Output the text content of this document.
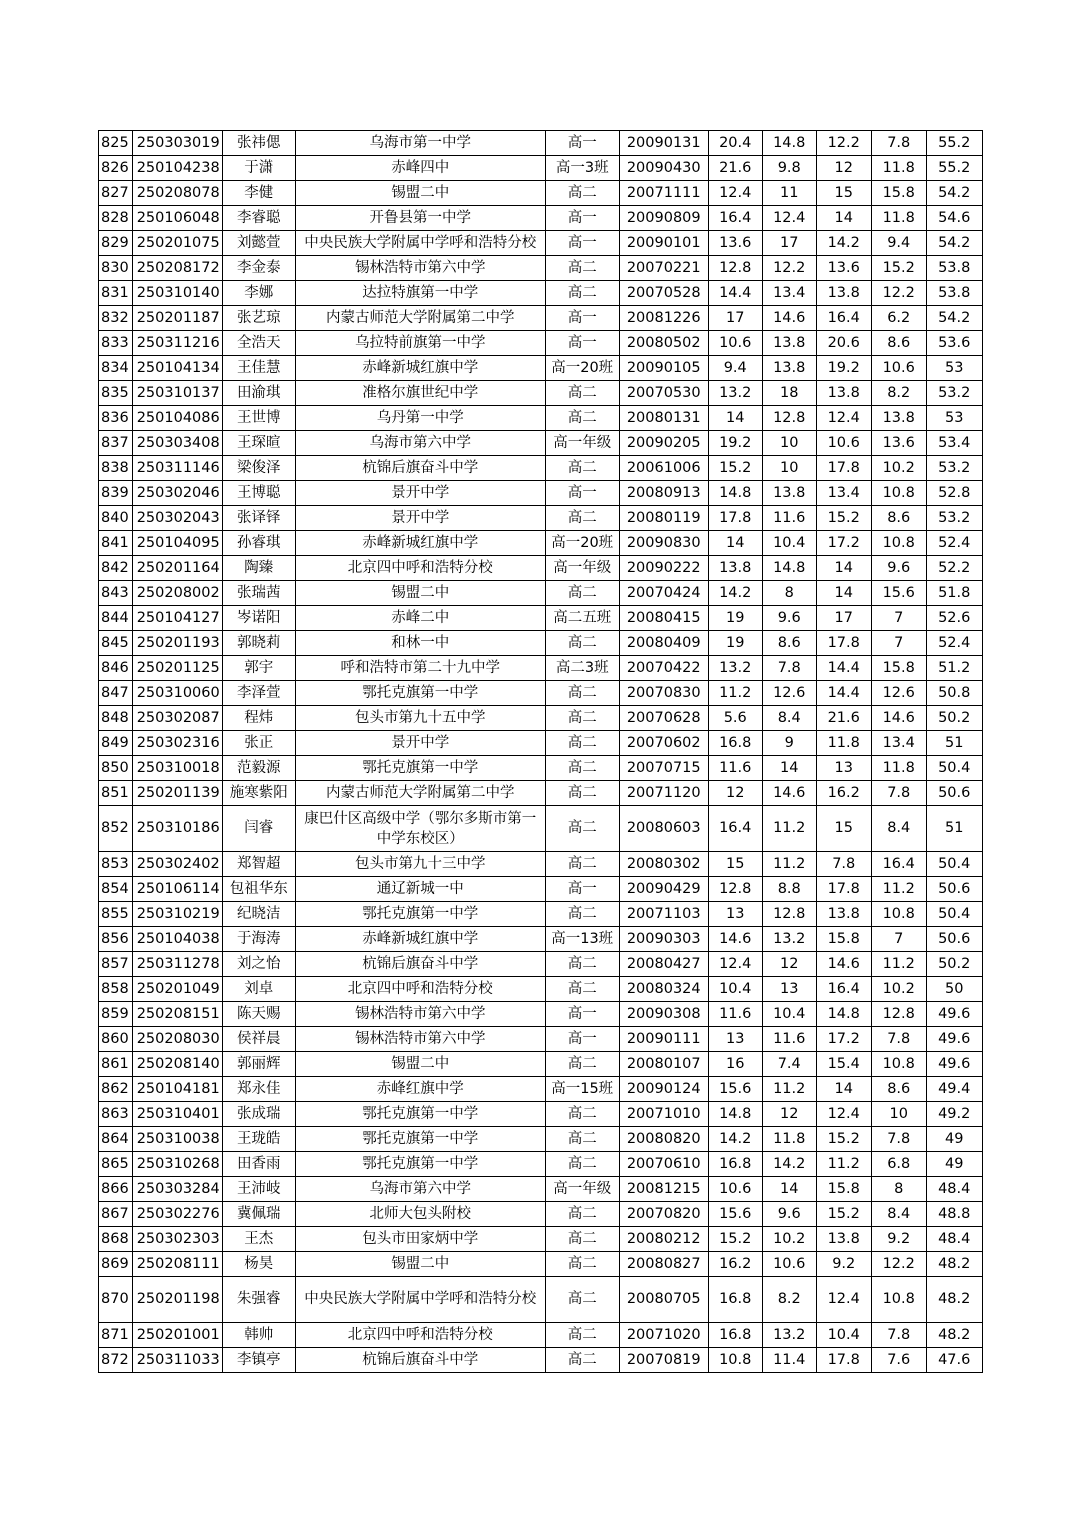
825	250303019	张祎偲	乌海市第一中学	高一	20090131	20.4	14.8	12.2	7.8	55.2
826	250104238	于潇	赤峰四中	高一3班	20090430	21.6	9.8	12	11.8	55.2
827	250208078	李健	锡盟二中	高二	20071111	12.4	11	15	15.8	54.2
828	250106048	李睿聪	开鲁县第一中学	高一	20090809	16.4	12.4	14	11.8	54.6
829	250201075	刘懿萱	中央民族大学附属中学呼和浩特分校	高一	20090101	13.6	17	14.2	9.4	54.2
830	250208172	李金泰	锡林浩特市第六中学	高二	20070221	12.8	12.2	13.6	15.2	53.8
831	250310140	李娜	达拉特旗第一中学	高二	20070528	14.4	13.4	13.8	12.2	53.8
832	250201187	张艺琼	内蒙古师范大学附属第二中学	高一	20081226	17	14.6	16.4	6.2	54.2
833	250311216	全浩天	乌拉特前旗第一中学	高一	20080502	10.6	13.8	20.6	8.6	53.6
834	250104134	王佳慧	赤峰新城红旗中学	高一20班	20090105	9.4	13.8	19.2	10.6	53
835	250310137	田渝琪	准格尔旗世纪中学	高二	20070530	13.2	18	13.8	8.2	53.2
836	250104086	王世博	乌丹第一中学	高二	20080131	14	12.8	12.4	13.8	53
837	250303408	王琛暄	乌海市第六中学	高一年级	20090205	19.2	10	10.6	13.6	53.4
838	250311146	梁俊泽	杭锦后旗奋斗中学	高二	20061006	15.2	10	17.8	10.2	53.2
839	250302046	王博聪	景开中学	高一	20080913	14.8	13.8	13.4	10.8	52.8
840	250302043	张译铎	景开中学	高二	20080119	17.8	11.6	15.2	8.6	53.2
841	250104095	孙睿琪	赤峰新城红旗中学	高一20班	20090830	14	10.4	17.2	10.8	52.4
842	250201164	陶臻	北京四中呼和浩特分校	高一年级	20090222	13.8	14.8	14	9.6	52.2
843	250208002	张瑞茜	锡盟二中	高二	20070424	14.2	8	14	15.6	51.8
844	250104127	岑诺阳	赤峰二中	高二五班	20080415	19	9.6	17	7	52.6
845	250201193	郭晓莉	和林一中	高二	20080409	19	8.6	17.8	7	52.4
846	250201125	郭宇	呼和浩特市第二十九中学	高二3班	20070422	13.2	7.8	14.4	15.8	51.2
847	250310060	李泽萱	鄂托克旗第一中学	高二	20070830	11.2	12.6	14.4	12.6	50.8
848	250302087	程炜	包头市第九十五中学	高二	20070628	5.6	8.4	21.6	14.6	50.2
849	250302316	张正	景开中学	高二	20070602	16.8	9	11.8	13.4	51
850	250310018	范毅源	鄂托克旗第一中学	高二	20070715	11.6	14	13	11.8	50.4
851	250201139	施寒紫阳	内蒙古师范大学附属第二中学	高二	20071120	12	14.6	16.2	7.8	50.6
852	250310186	闫睿	康巴什区高级中学（鄂尔多斯市第一中学东校区）	高二	20080603	16.4	11.2	15	8.4	51
853	250302402	郑智超	包头市第九十三中学	高二	20080302	15	11.2	7.8	16.4	50.4
854	250106114	包祖华东	通辽新城一中	高一	20090429	12.8	8.8	17.8	11.2	50.6
855	250310219	纪晓洁	鄂托克旗第一中学	高二	20071103	13	12.8	13.8	10.8	50.4
856	250104038	于海涛	赤峰新城红旗中学	高一13班	20090303	14.6	13.2	15.8	7	50.6
857	250311278	刘之怡	杭锦后旗奋斗中学	高二	20080427	12.4	12	14.6	11.2	50.2
858	250201049	刘卓	北京四中呼和浩特分校	高二	20080324	10.4	13	16.4	10.2	50
859	250208151	陈天赐	锡林浩特市第六中学	高一	20090308	11.6	10.4	14.8	12.8	49.6
860	250208030	侯祥晨	锡林浩特市第六中学	高一	20090111	13	11.6	17.2	7.8	49.6
861	250208140	郭丽辉	锡盟二中	高二	20080107	16	7.4	15.4	10.8	49.6
862	250104181	郑永佳	赤峰红旗中学	高一15班	20090124	15.6	11.2	14	8.6	49.4
863	250310401	张成瑞	鄂托克旗第一中学	高二	20071010	14.8	12	12.4	10	49.2
864	250310038	王珑皓	鄂托克旗第一中学	高二	20080820	14.2	11.8	15.2	7.8	49
865	250310268	田香雨	鄂托克旗第一中学	高二	20070610	16.8	14.2	11.2	6.8	49
866	250303284	王沛岐	乌海市第六中学	高一年级	20081215	10.6	14	15.8	8	48.4
867	250302276	冀佩瑞	北师大包头附校	高二	20070820	15.6	9.6	15.2	8.4	48.8
868	250302303	王杰	包头市田家炳中学	高二	20080212	15.2	10.2	13.8	9.2	48.4
869	250208111	杨昊	锡盟二中	高二	20080827	16.2	10.6	9.2	12.2	48.2
870	250201198	朱强睿	中央民族大学附属中学呼和浩特分校	高二	20080705	16.8	8.2	12.4	10.8	48.2
871	250201001	韩帅	北京四中呼和浩特分校	高二	20071020	16.8	13.2	10.4	7.8	48.2
872	250311033	李镇亭	杭锦后旗奋斗中学	高二	20070819	10.8	11.4	17.8	7.6	47.6
